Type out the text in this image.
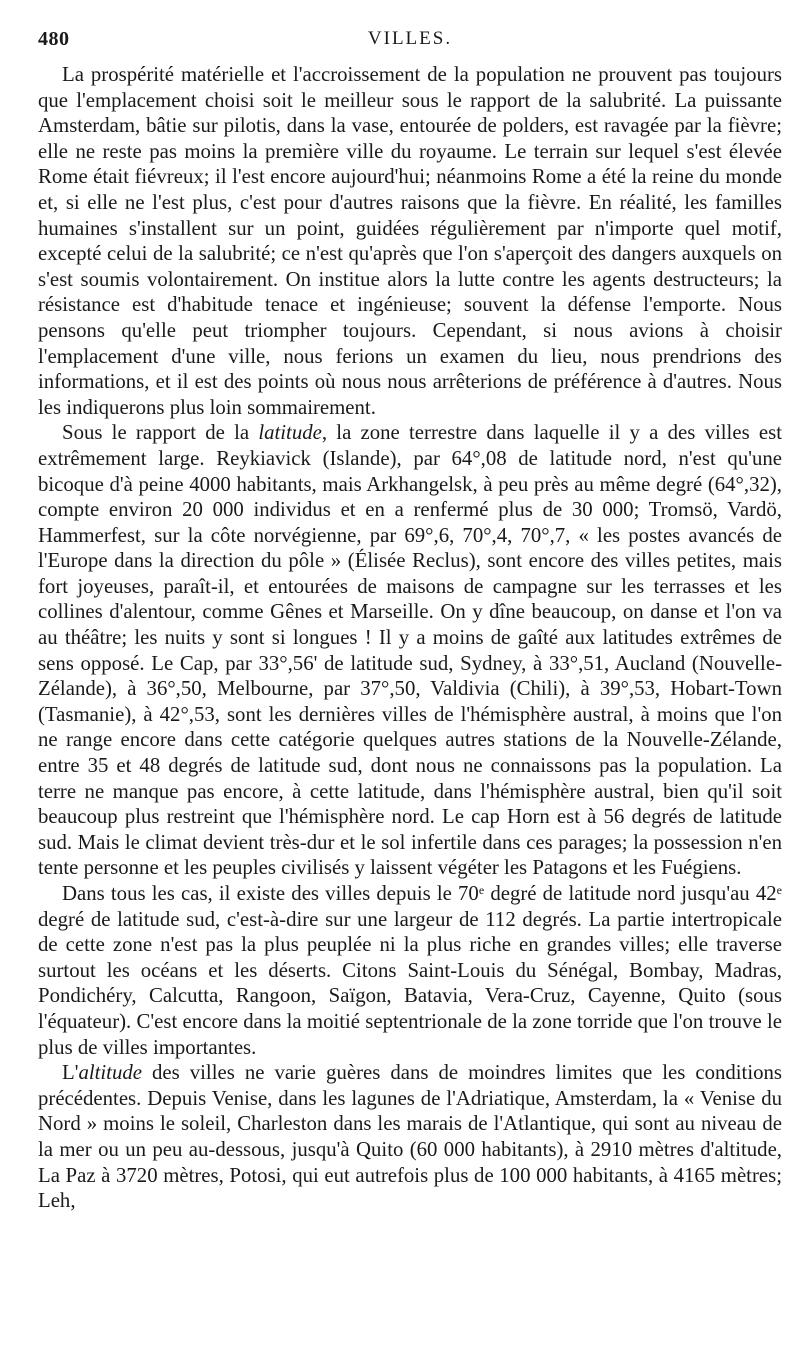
480	VILLES.

La prospérité matérielle et l'accroissement de la population ne prouvent pas toujours que l'emplacement choisi soit le meilleur sous le rapport de la salubrité. La puissante Amsterdam, bâtie sur pilotis, dans la vase, entourée de polders, est ravagée par la fièvre; elle ne reste pas moins la première ville du royaume. Le terrain sur lequel s'est élevée Rome était fiévreux; il l'est encore aujourd'hui; néanmoins Rome a été la reine du monde et, si elle ne l'est plus, c'est pour d'autres raisons que la fièvre. En réalité, les familles humaines s'installent sur un point, guidées régulièrement par n'importe quel motif, excepté celui de la salubrité; ce n'est qu'après que l'on s'aperçoit des dangers auxquels on s'est soumis volontairement. On institue alors la lutte contre les agents destructeurs; la résistance est d'habitude tenace et ingénieuse; souvent la défense l'emporte. Nous pensons qu'elle peut triompher toujours. Cependant, si nous avions à choisir l'emplacement d'une ville, nous ferions un examen du lieu, nous prendrions des informations, et il est des points où nous nous arrêterions de préférence à d'autres. Nous les indiquerons plus loin sommairement.

Sous le rapport de la latitude, la zone terrestre dans laquelle il y a des villes est extrêmement large. Reykiavick (Islande), par 64°,08 de latitude nord, n'est qu'une bicoque d'à peine 4000 habitants, mais Arkhangelsk, à peu près au même degré (64°,32), compte environ 20 000 individus et en a renfermé plus de 30 000; Tromsö, Vardö, Hammerfest, sur la côte norvégienne, par 69°,6, 70°,4, 70°,7, « les postes avancés de l'Europe dans la direction du pôle » (Élisée Reclus), sont encore des villes petites, mais fort joyeuses, paraît-il, et entourées de maisons de campagne sur les terrasses et les collines d'alentour, comme Gênes et Marseille. On y dîne beaucoup, on danse et l'on va au théâtre; les nuits y sont si longues ! Il y a moins de gaîté aux latitudes extrêmes de sens opposé. Le Cap, par 33°,56' de latitude sud, Sydney, à 33°,51, Aucland (Nouvelle-Zélande), à 36°,50, Melbourne, par 37°,50, Valdivia (Chili), à 39°,53, Hobart-Town (Tasmanie), à 42°,53, sont les dernières villes de l'hémisphère austral, à moins que l'on ne range encore dans cette catégorie quelques autres stations de la Nouvelle-Zélande, entre 35 et 48 degrés de latitude sud, dont nous ne connaissons pas la population. La terre ne manque pas encore, à cette latitude, dans l'hémisphère austral, bien qu'il soit beaucoup plus restreint que l'hémisphère nord. Le cap Horn est à 56 degrés de latitude sud. Mais le climat devient très-dur et le sol infertile dans ces parages; la possession n'en tente personne et les peuples civilisés y laissent végéter les Patagons et les Fuégiens.

Dans tous les cas, il existe des villes depuis le 70e degré de latitude nord jusqu'au 42e degré de latitude sud, c'est-à-dire sur une largeur de 112 degrés. La partie intertropicale de cette zone n'est pas la plus peuplée ni la plus riche en grandes villes; elle traverse surtout les océans et les déserts. Citons Saint-Louis du Sénégal, Bombay, Madras, Pondichéry, Calcutta, Rangoon, Saïgon, Batavia, Vera-Cruz, Cayenne, Quito (sous l'équateur). C'est encore dans la moitié septentrionale de la zone torride que l'on trouve le plus de villes importantes.

L'altitude des villes ne varie guères dans de moindres limites que les conditions précédentes. Depuis Venise, dans les lagunes de l'Adriatique, Amsterdam, la « Venise du Nord » moins le soleil, Charleston dans les marais de l'Atlantique, qui sont au niveau de la mer ou un peu au-dessous, jusqu'à Quito (60 000 habitants), à 2910 mètres d'altitude, La Paz à 3720 mètres, Potosi, qui eut autrefois plus de 100 000 habitants, à 4165 mètres; Leh,
